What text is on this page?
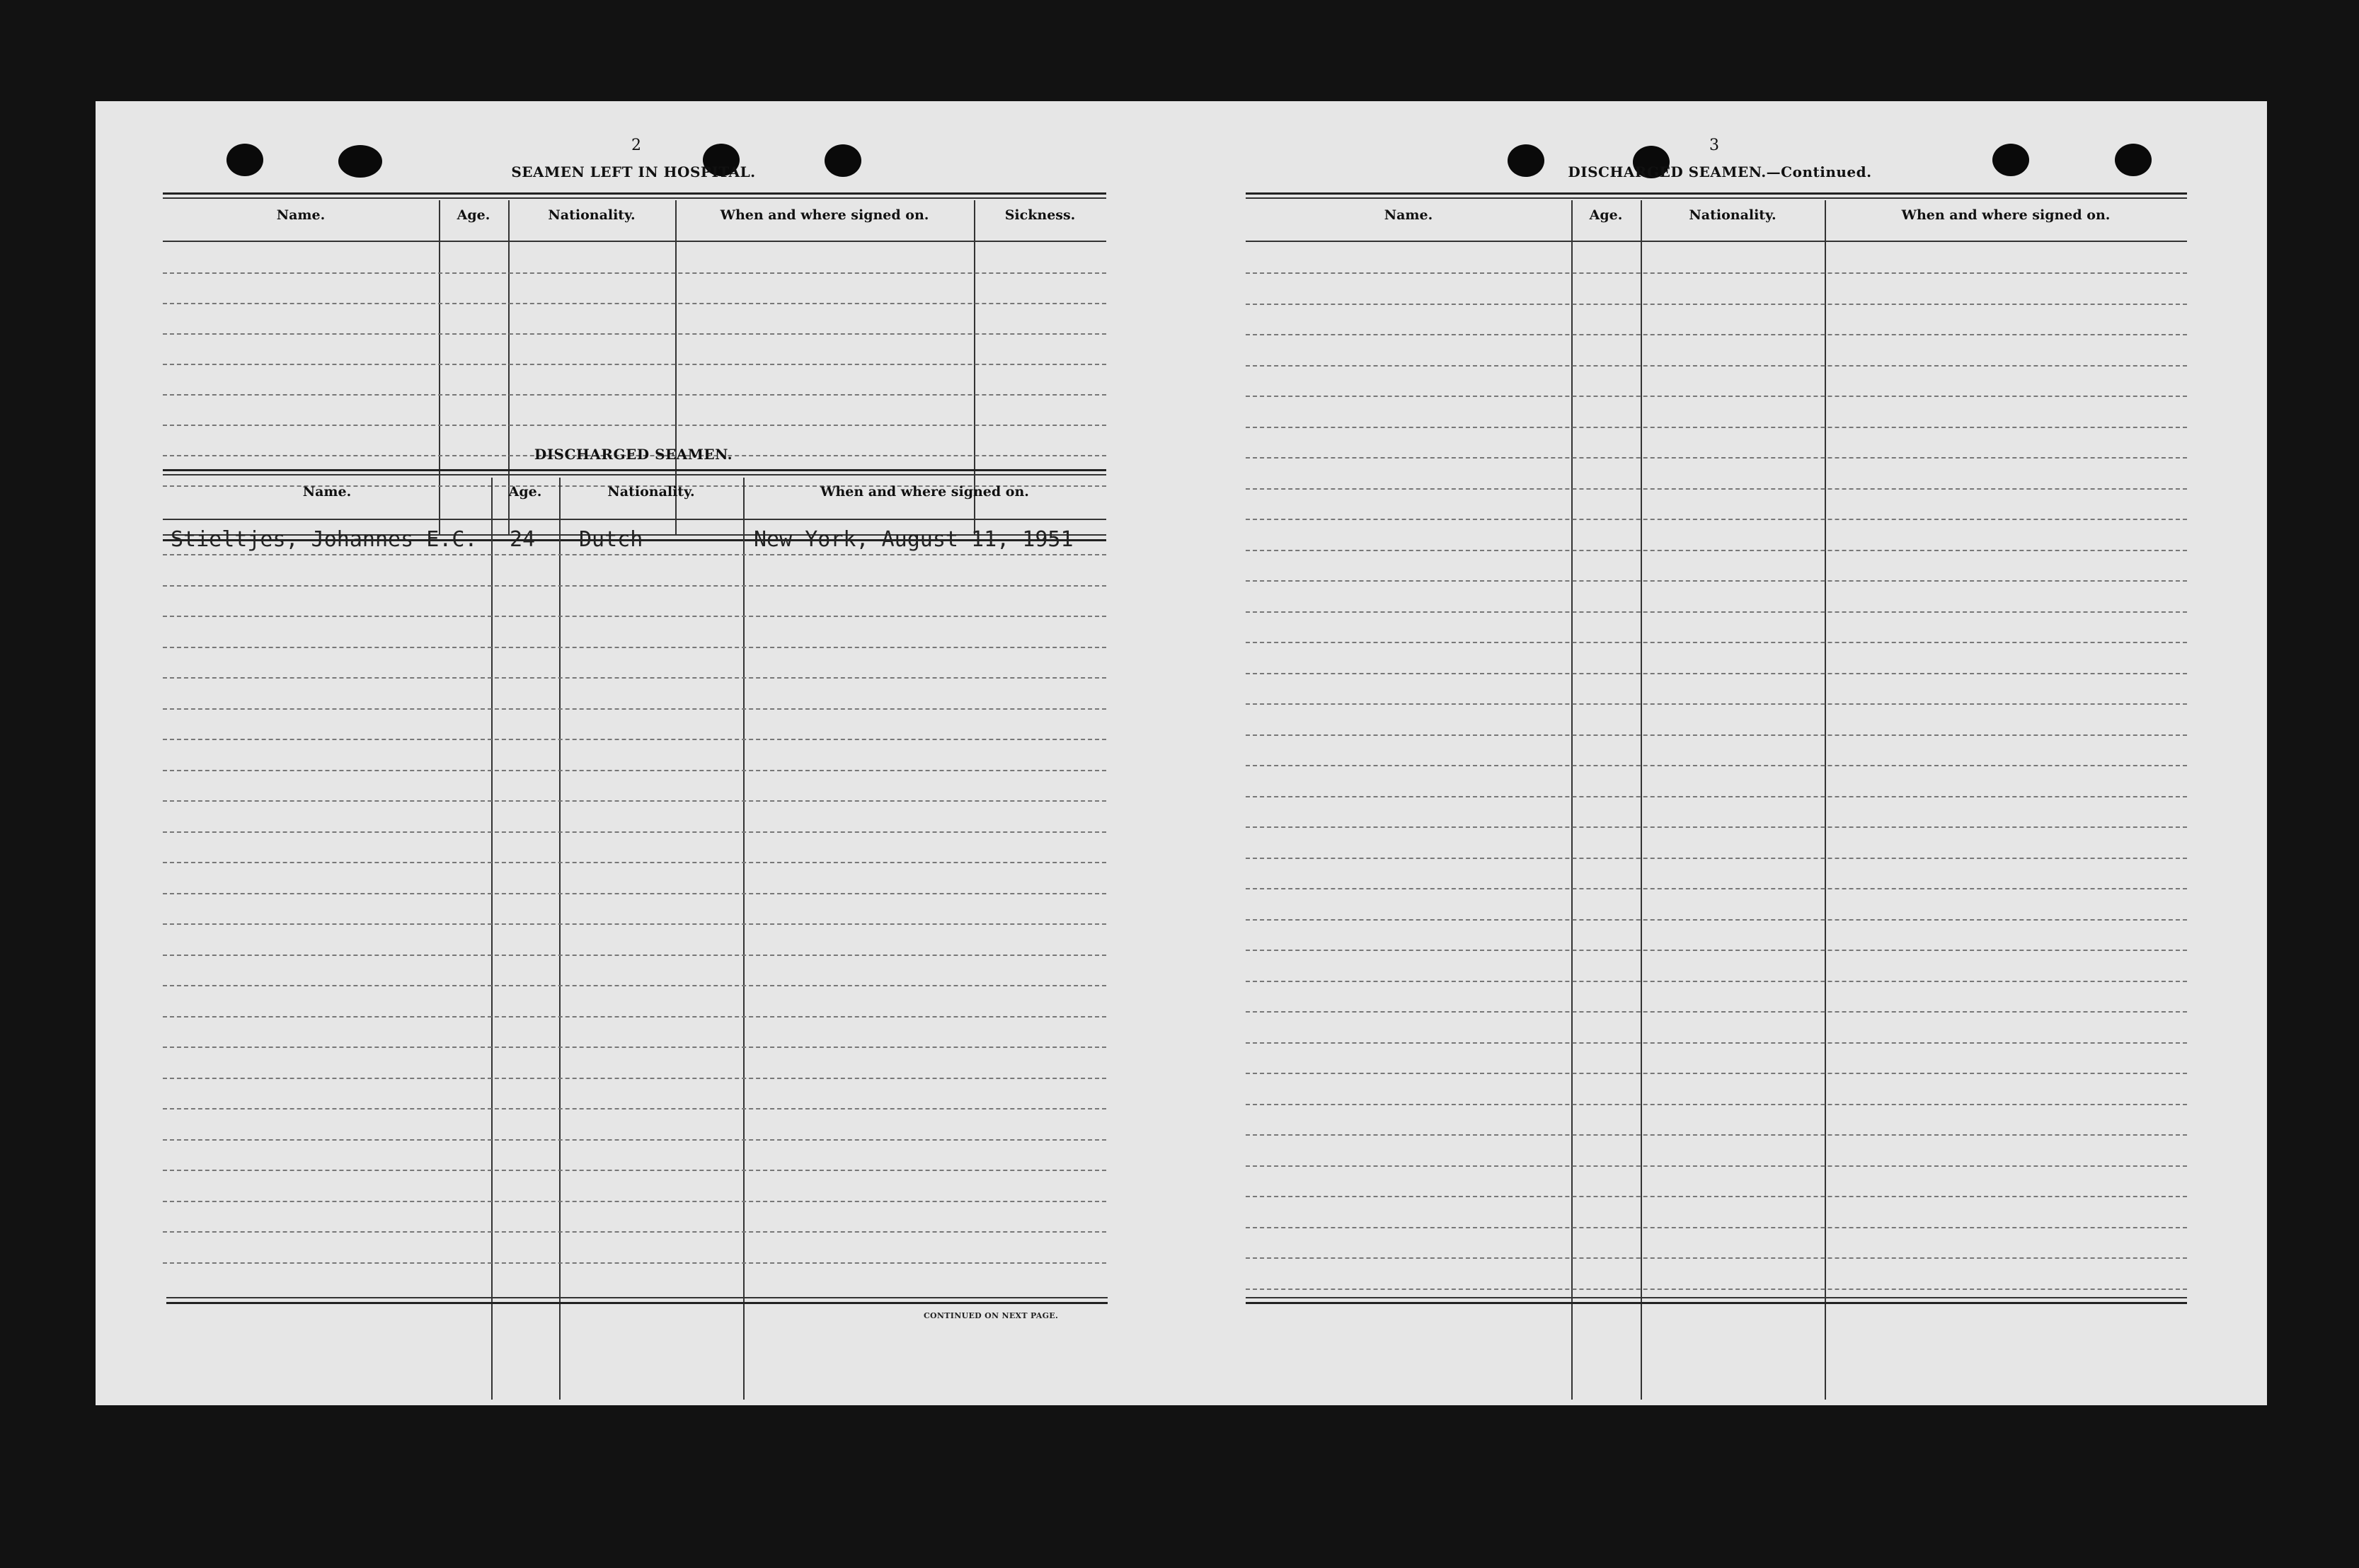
2
SEAMEN LEFT IN HOSPITAL.
Name.	Age.	Nationality.	When and where signed on.	Sickness.
DISCHARGED SEAMEN.
Name.	Age.	Nationality.	When and where signed on.
Stieltjes, Johannes E.C. 24 Dutch	New York, August 11, 1951
CONTINUED ON NEXT PAGE.
3
DISCHARGED SEAMEN.—Continued.
Name.	Age.	Nationality.	When and where signed on.
